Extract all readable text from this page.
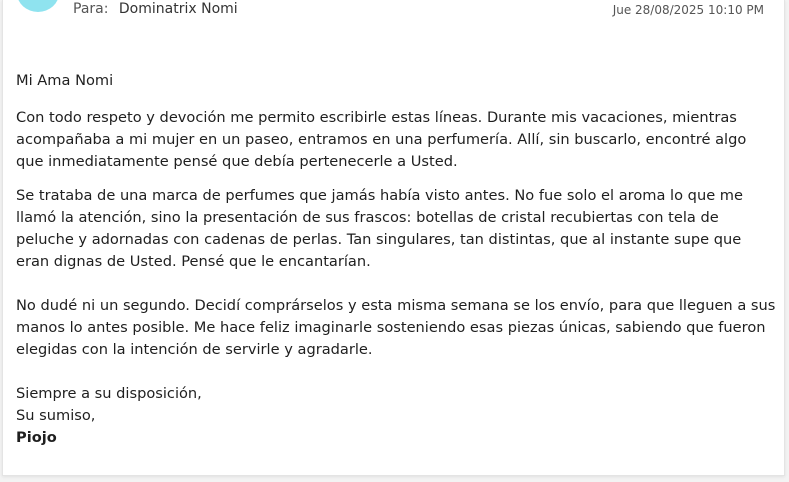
Para: Dominatrix Nomi	Jue 28/08/2025 10:10 PM

Mi Ama Nomi

Con todo respeto y devoción me permito escribirle estas líneas. Durante mis vacaciones, mientras acompañaba a mi mujer en un paseo, entramos en una perfumería. Allí, sin buscarlo, encontré algo que inmediatamente pensé que debía pertenecerle a Usted.

Se trataba de una marca de perfumes que jamás había visto antes. No fue solo el aroma lo que me llamó la atención, sino la presentación de sus frascos: botellas de cristal recubiertas con tela de peluche y adornadas con cadenas de perlas. Tan singulares, tan distintas, que al instante supe que eran dignas de Usted. Pensé que le encantarían.

No dudé ni un segundo. Decidí comprárselos y esta misma semana se los envío, para que lleguen a sus manos lo antes posible. Me hace feliz imaginarle sosteniendo esas piezas únicas, sabiendo que fueron elegidas con la intención de servirle y agradarle.

Siempre a su disposición,
Su sumiso,
Piojo
